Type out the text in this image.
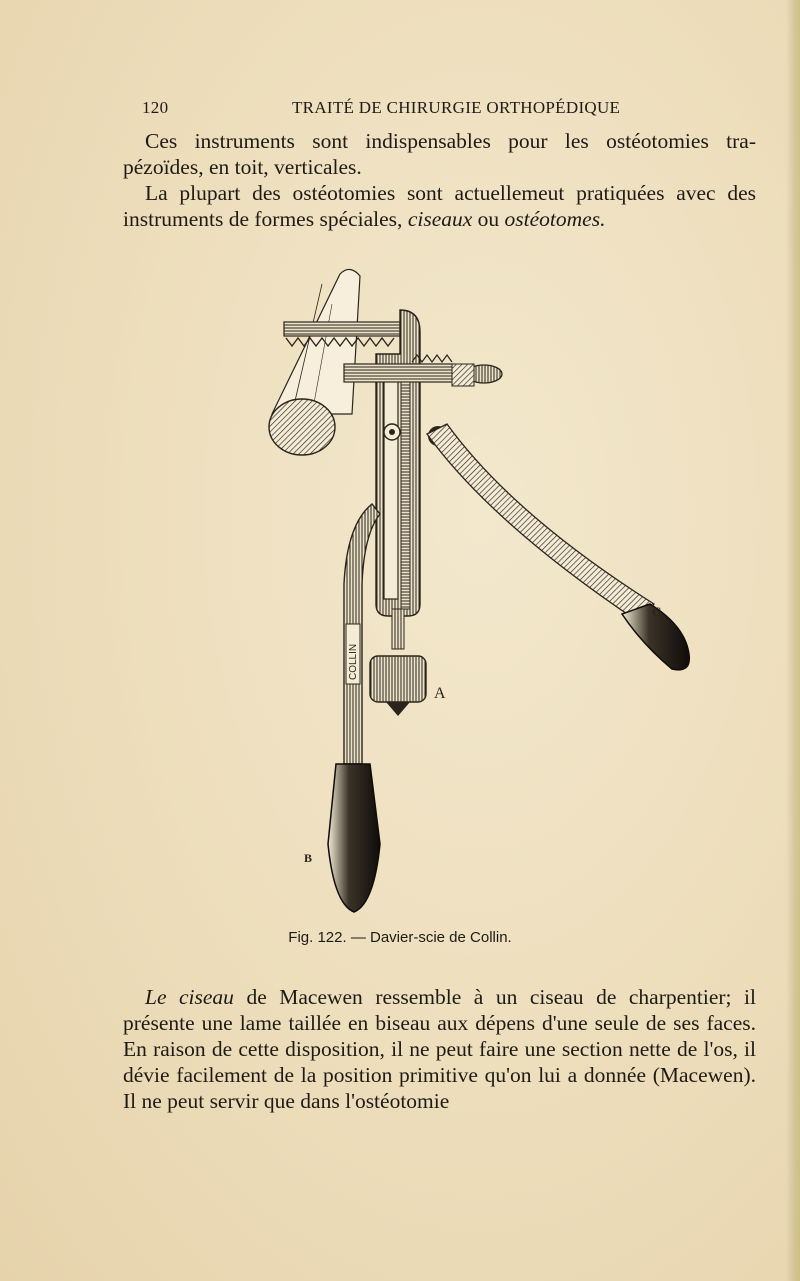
120	TRAITÉ DE CHIRURGIE ORTHOPÉDIQUE
Ces instruments sont indispensables pour les ostéotomies tra- pézoïdes, en toit, verticales.
La plupart des ostéotomies sont actuellemeut pratiquées avec des instruments de formes spéciales, ciseaux ou ostéotomes.
COLLIN
A
B
C
Fig. 122. — Davier-scie de Collin.
Le ciseau de Macewen ressemble à un ciseau de charpentier; il présente une lame taillée en biseau aux dépens d'une seule de ses faces. En raison de cette disposition, il ne peut faire une section nette de l'os, il dévie facilement de la position primitive qu'on lui a donnée (Macewen). Il ne peut servir que dans l'ostéotomie
